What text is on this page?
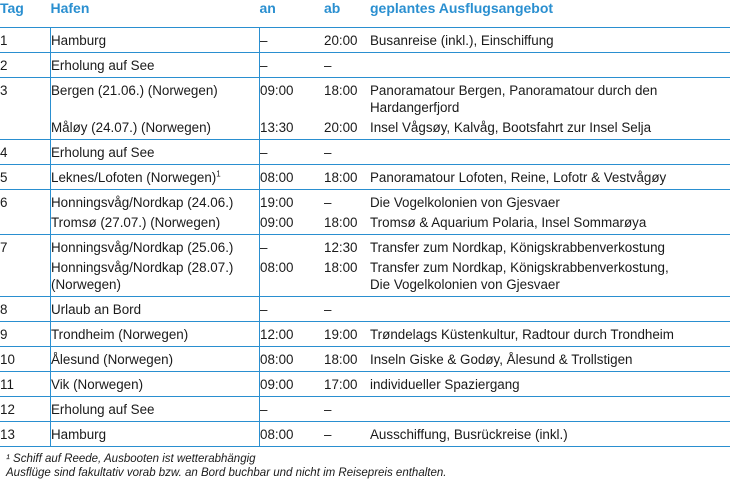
Tag	Hafen	an	ab	geplantes Ausflugsangebot
1	Hamburg	–	20:00	Busanreise (inkl.), Einschiffung

2	Erholung auf See	–	–	
3	Bergen (21.06.) (Norwegen)	09:00	18:00	Panoramatour Bergen, Panoramatour durch den
Hardangerfjord

	Måløy (24.07.) (Norwegen)	13:30	20:00	Insel Vågsøy, Kalvåg, Bootsfahrt zur Insel Selja

4	Erholung auf See	–	–	
5	Leknes/Lofoten (Norwegen)$^1$	08:00	18:00	Panoramatour Lofoten, Reine, Lofotr & Vestvågøy

6	Honningsvåg/Nordkap (24.06.)	19:00	–	Die Vogelkolonien von Gjesvaer

	Tromsø (27.07.) (Norwegen)	09:00	18:00	Tromsø & Aquarium Polaria, Insel Sommarøya

7	Honningsvåg/Nordkap (25.06.)	–	12:30	Transfer zum Nordkap, Königskrabbenverkostung

	Honningsvåg/Nordkap (28.07.)
(Norwegen)	08:00	18:00	Transfer zum Nordkap, Königskrabbenverkostung,
Die Vogelkolonien von Gjesvaer

8	Urlaub an Bord	–	–	
9	Trondheim (Norwegen)	12:00	19:00	Trøndelags Küstenkultur, Radtour durch Trondheim

10	Ålesund (Norwegen)	08:00	18:00	Inseln Giske & Godøy, Ålesund & Trollstigen

11	Vik (Norwegen)	09:00	17:00	individueller Spaziergang

12	Erholung auf See	–	–	
13	Hamburg	08:00	–	Ausschiffung, Busrückreise (inkl.)
¹ Schiff auf Reede, Ausbooten ist wetterabhängig
Ausflüge sind fakultativ vorab bzw. an Bord buchbar und nicht im Reisepreis enthalten.
